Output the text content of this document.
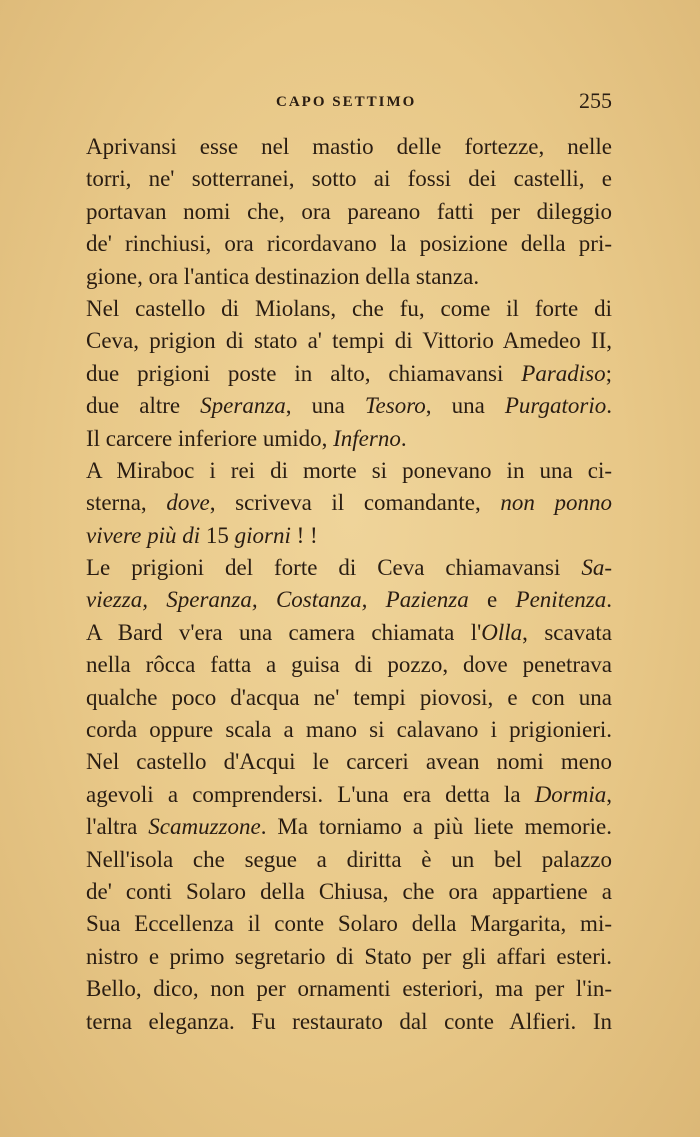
CAPO SETTIMO	255
Aprivansi esse nel mastio delle fortezze, nelle
torri, ne' sotterranei, sotto ai fossi dei castelli, e
portavan nomi che, ora pareano fatti per dileggio
de' rinchiusi, ora ricordavano la posizione della pri-
gione, ora l'antica destinazion della stanza.
Nel castello di Miolans, che fu, come il forte di
Ceva, prigion di stato a' tempi di Vittorio Amedeo II,
due prigioni poste in alto, chiamavansi Paradiso;
due altre Speranza, una Tesoro, una Purgatorio.
Il carcere inferiore umido, Inferno.
A Miraboc i rei di morte si ponevano in una ci-
sterna, dove, scriveva il comandante, non ponno
vivere più di 15 giorni ! !
Le prigioni del forte di Ceva chiamavansi Sa-
viezza, Speranza, Costanza, Pazienza e Penitenza.
A Bard v'era una camera chiamata l'Olla, scavata
nella rôcca fatta a guisa di pozzo, dove penetrava
qualche poco d'acqua ne' tempi piovosi, e con una
corda oppure scala a mano si calavano i prigionieri.
Nel castello d'Acqui le carceri avean nomi meno
agevoli a comprendersi. L'una era detta la Dormia,
l'altra Scamuzzone. Ma torniamo a più liete memorie.
Nell'isola che segue a diritta è un bel palazzo
de' conti Solaro della Chiusa, che ora appartiene a
Sua Eccellenza il conte Solaro della Margarita, mi-
nistro e primo segretario di Stato per gli affari esteri.
Bello, dico, non per ornamenti esteriori, ma per l'in-
terna eleganza. Fu restaurato dal conte Alfieri. In
